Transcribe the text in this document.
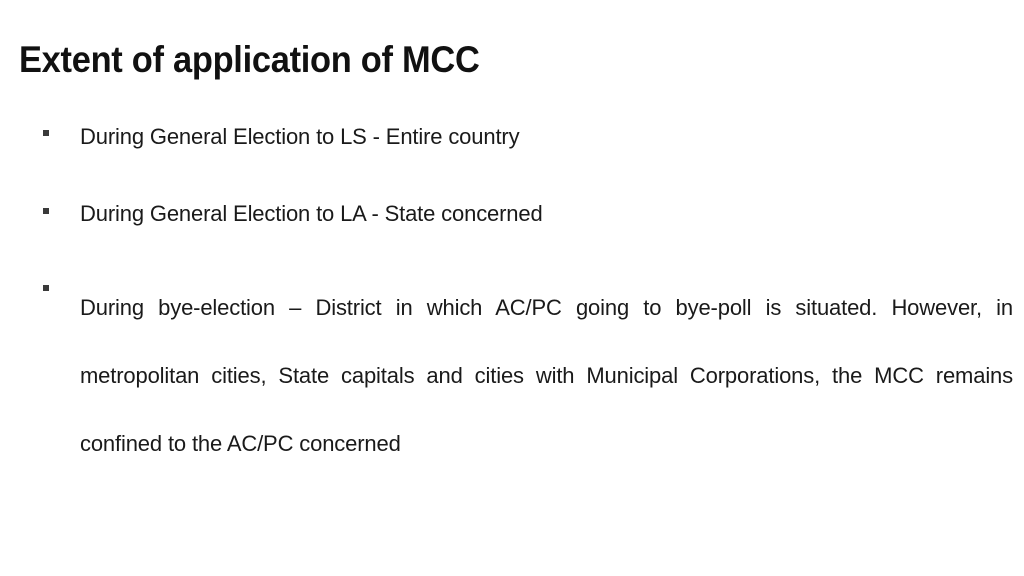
Extent of application of MCC
During General Election to LS - Entire country
During General Election to LA - State concerned
During bye-election – District in which AC/PC going to bye-poll is situated. However, in metropolitan cities, State capitals and cities with Municipal Corporations, the MCC remains confined to the AC/PC concerned
